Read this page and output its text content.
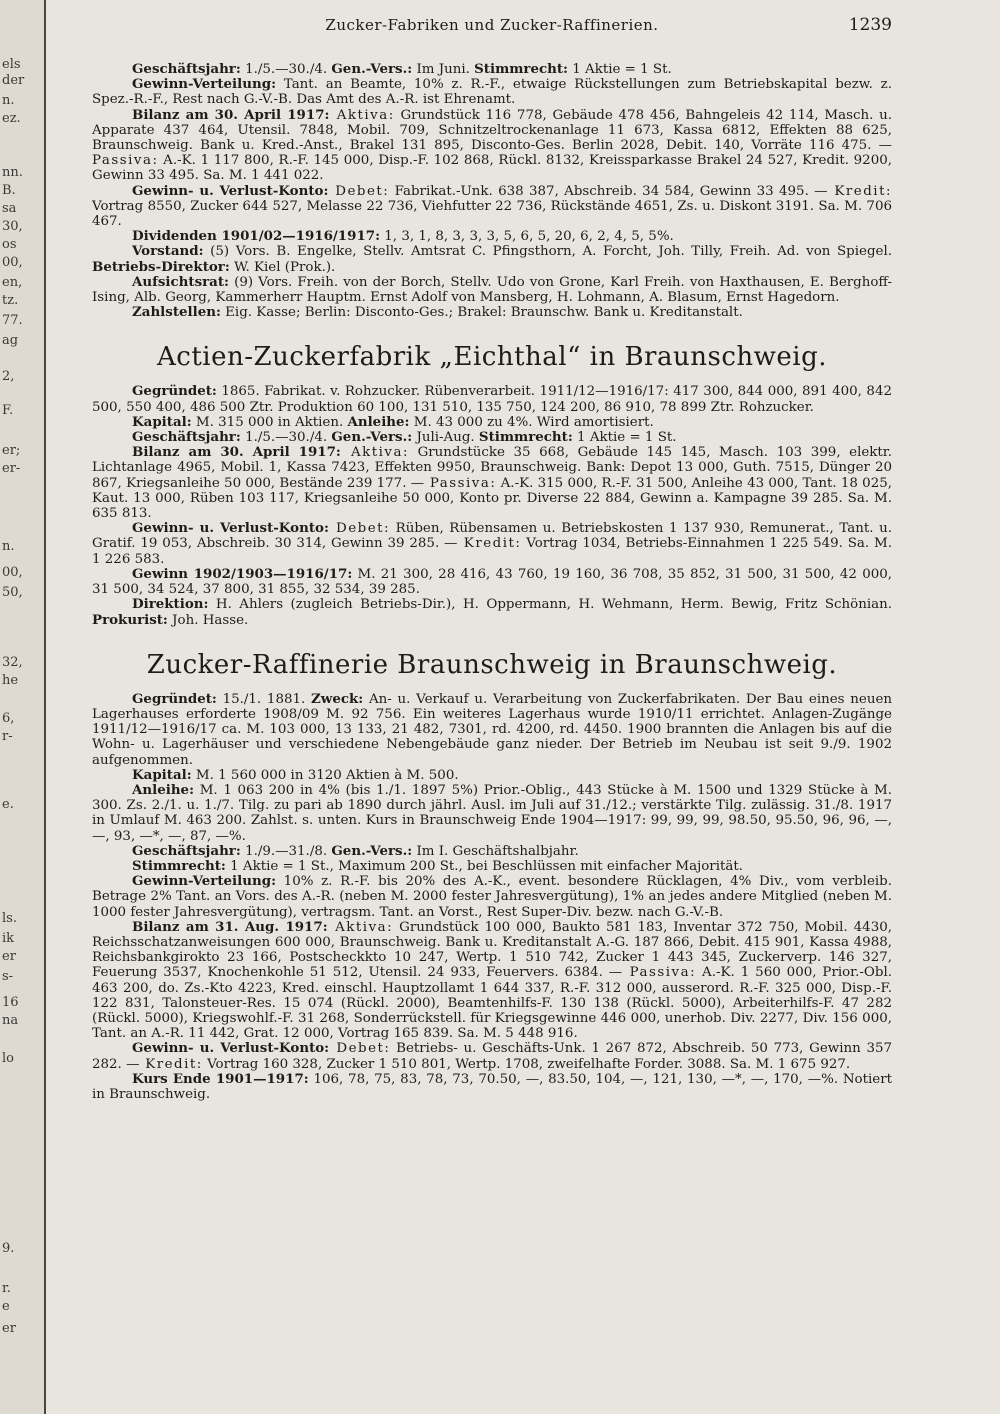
els
der
n.
ez.
nn.
B.
sa
30,
os
00,
en,
tz.
77.
ag
2,
F.
er;
er-
n.
00,
50,
32,
he
6,
r-
e.
ls.
ik
er
s-
16
na
lo
9.
r.
e
er
Zucker-Fabriken und Zucker-Raffinerien.	1239

Geschäftsjahr: 1./5.—30./4. Gen.-Vers.: Im Juni. Stimmrecht: 1 Aktie = 1 St.

Gewinn-Verteilung: Tant. an Beamte, 10% z. R.-F., etwaige Rückstellungen zum Betriebskapital bezw. z. Spez.-R.-F., Rest nach G.-V.-B. Das Amt des A.-R. ist Ehrenamt.

Bilanz am 30. April 1917: Aktiva: Grundstück 116 778, Gebäude 478 456, Bahngeleis 42 114, Masch. u. Apparate 437 464, Utensil. 7848, Mobil. 709, Schnitzeltrockenanlage 11 673, Kassa 6812, Effekten 88 625, Braunschweig. Bank u. Kred.-Anst., Brakel 131 895, Disconto-Ges. Berlin 2028, Debit. 140, Vorräte 116 475. — Passiva: A.-K. 1 117 800, R.-F. 145 000, Disp.-F. 102 868, Rückl. 8132, Kreissparkasse Brakel 24 527, Kredit. 9200, Gewinn 33 495. Sa. M. 1 441 022.

Gewinn- u. Verlust-Konto: Debet: Fabrikat.-Unk. 638 387, Abschreib. 34 584, Gewinn 33 495. — Kredit: Vortrag 8550, Zucker 644 527, Melasse 22 736, Viehfutter 22 736, Rückstände 4651, Zs. u. Diskont 3191. Sa. M. 706 467.

Dividenden 1901/02—1916/1917: 1, 3, 1, 8, 3, 3, 3, 5, 6, 5, 20, 6, 2, 4, 5, 5%.

Vorstand: (5) Vors. B. Engelke, Stellv. Amtsrat C. Pfingsthorn, A. Forcht, Joh. Tilly, Freih. Ad. von Spiegel. Betriebs-Direktor: W. Kiel (Prok.).

Aufsichtsrat: (9) Vors. Freih. von der Borch, Stellv. Udo von Grone, Karl Freih. von Haxthausen, E. Berghoff-Ising, Alb. Georg, Kammerherr Hauptm. Ernst Adolf von Mansberg, H. Lohmann, A. Blasum, Ernst Hagedorn.

Zahlstellen: Eig. Kasse; Berlin: Disconto-Ges.; Brakel: Braunschw. Bank u. Kreditanstalt.

Actien-Zuckerfabrik „Eichthal“ in Braunschweig.

Gegründet: 1865. Fabrikat. v. Rohzucker. Rübenverarbeit. 1911/12—1916/17: 417 300, 844 000, 891 400, 842 500, 550 400, 486 500 Ztr. Produktion 60 100, 131 510, 135 750, 124 200, 86 910, 78 899 Ztr. Rohzucker.

Kapital: M. 315 000 in Aktien. Anleihe: M. 43 000 zu 4%. Wird amortisiert.

Geschäftsjahr: 1./5.—30./4. Gen.-Vers.: Juli-Aug. Stimmrecht: 1 Aktie = 1 St.

Bilanz am 30. April 1917: Aktiva: Grundstücke 35 668, Gebäude 145 145, Masch. 103 399, elektr. Lichtanlage 4965, Mobil. 1, Kassa 7423, Effekten 9950, Braunschweig. Bank: Depot 13 000, Guth. 7515, Dünger 20 867, Kriegsanleihe 50 000, Bestände 239 177. — Passiva: A.-K. 315 000, R.-F. 31 500, Anleihe 43 000, Tant. 18 025, Kaut. 13 000, Rüben 103 117, Kriegsanleihe 50 000, Konto pr. Diverse 22 884, Gewinn a. Kampagne 39 285. Sa. M. 635 813.

Gewinn- u. Verlust-Konto: Debet: Rüben, Rübensamen u. Betriebskosten 1 137 930, Remunerat., Tant. u. Gratif. 19 053, Abschreib. 30 314, Gewinn 39 285. — Kredit: Vortrag 1034, Betriebs-Einnahmen 1 225 549. Sa. M. 1 226 583.

Gewinn 1902/1903—1916/17: M. 21 300, 28 416, 43 760, 19 160, 36 708, 35 852, 31 500, 31 500, 42 000, 31 500, 34 524, 37 800, 31 855, 32 534, 39 285.

Direktion: H. Ahlers (zugleich Betriebs-Dir.), H. Oppermann, H. Wehmann, Herm. Bewig, Fritz Schönian. Prokurist: Joh. Hasse.

Zucker-Raffinerie Braunschweig in Braunschweig.

Gegründet: 15./1. 1881. Zweck: An- u. Verkauf u. Verarbeitung von Zuckerfabrikaten. Der Bau eines neuen Lagerhauses erforderte 1908/09 M. 92 756. Ein weiteres Lagerhaus wurde 1910/11 errichtet. Anlagen-Zugänge 1911/12—1916/17 ca. M. 103 000, 13 133, 21 482, 7301, rd. 4200, rd. 4450. 1900 brannten die Anlagen bis auf die Wohn- u. Lagerhäuser und verschiedene Nebengebäude ganz nieder. Der Betrieb im Neubau ist seit 9./9. 1902 aufgenommen.

Kapital: M. 1 560 000 in 3120 Aktien à M. 500.

Anleihe: M. 1 063 200 in 4% (bis 1./1. 1897 5%) Prior.-Oblig., 443 Stücke à M. 1500 und 1329 Stücke à M. 300. Zs. 2./1. u. 1./7. Tilg. zu pari ab 1890 durch jährl. Ausl. im Juli auf 31./12.; verstärkte Tilg. zulässig. 31./8. 1917 in Umlauf M. 463 200. Zahlst. s. unten. Kurs in Braunschweig Ende 1904—1917: 99, 99, 99, 98.50, 95.50, 96, 96, —, —, 93, —*, —, 87, —%.

Geschäftsjahr: 1./9.—31./8. Gen.-Vers.: Im I. Geschäftshalbjahr.

Stimmrecht: 1 Aktie = 1 St., Maximum 200 St., bei Beschlüssen mit einfacher Majorität.

Gewinn-Verteilung: 10% z. R.-F. bis 20% des A.-K., event. besondere Rücklagen, 4% Div., vom verbleib. Betrage 2% Tant. an Vors. des A.-R. (neben M. 2000 fester Jahresvergütung), 1% an jedes andere Mitglied (neben M. 1000 fester Jahresvergütung), vertragsm. Tant. an Vorst., Rest Super-Div. bezw. nach G.-V.-B.

Bilanz am 31. Aug. 1917: Aktiva: Grundstück 100 000, Baukto 581 183, Inventar 372 750, Mobil. 4430, Reichsschatzanweisungen 600 000, Braunschweig. Bank u. Kreditanstalt A.-G. 187 866, Debit. 415 901, Kassa 4988, Reichsbankgirokto 23 166, Postscheckkto 10 247, Wertp. 1 510 742, Zucker 1 443 345, Zuckerverp. 146 327, Feuerung 3537, Knochenkohle 51 512, Utensil. 24 933, Feuervers. 6384. — Passiva: A.-K. 1 560 000, Prior.-Obl. 463 200, do. Zs.-Kto 4223, Kred. einschl. Hauptzollamt 1 644 337, R.-F. 312 000, ausserord. R.-F. 325 000, Disp.-F. 122 831, Talonsteuer-Res. 15 074 (Rückl. 2000), Beamtenhilfs-F. 130 138 (Rückl. 5000), Arbeiterhilfs-F. 47 282 (Rückl. 5000), Kriegswohlf.-F. 31 268, Sonderrückstell. für Kriegsgewinne 446 000, unerhob. Div. 2277, Div. 156 000, Tant. an A.-R. 11 442, Grat. 12 000, Vortrag 165 839. Sa. M. 5 448 916.

Gewinn- u. Verlust-Konto: Debet: Betriebs- u. Geschäfts-Unk. 1 267 872, Abschreib. 50 773, Gewinn 357 282. — Kredit: Vortrag 160 328, Zucker 1 510 801, Wertp. 1708, zweifelhafte Forder. 3088. Sa. M. 1 675 927.

Kurs Ende 1901—1917: 106, 78, 75, 83, 78, 73, 70.50, —, 83.50, 104, —, 121, 130, —*, —, 170, —%. Notiert in Braunschweig.
